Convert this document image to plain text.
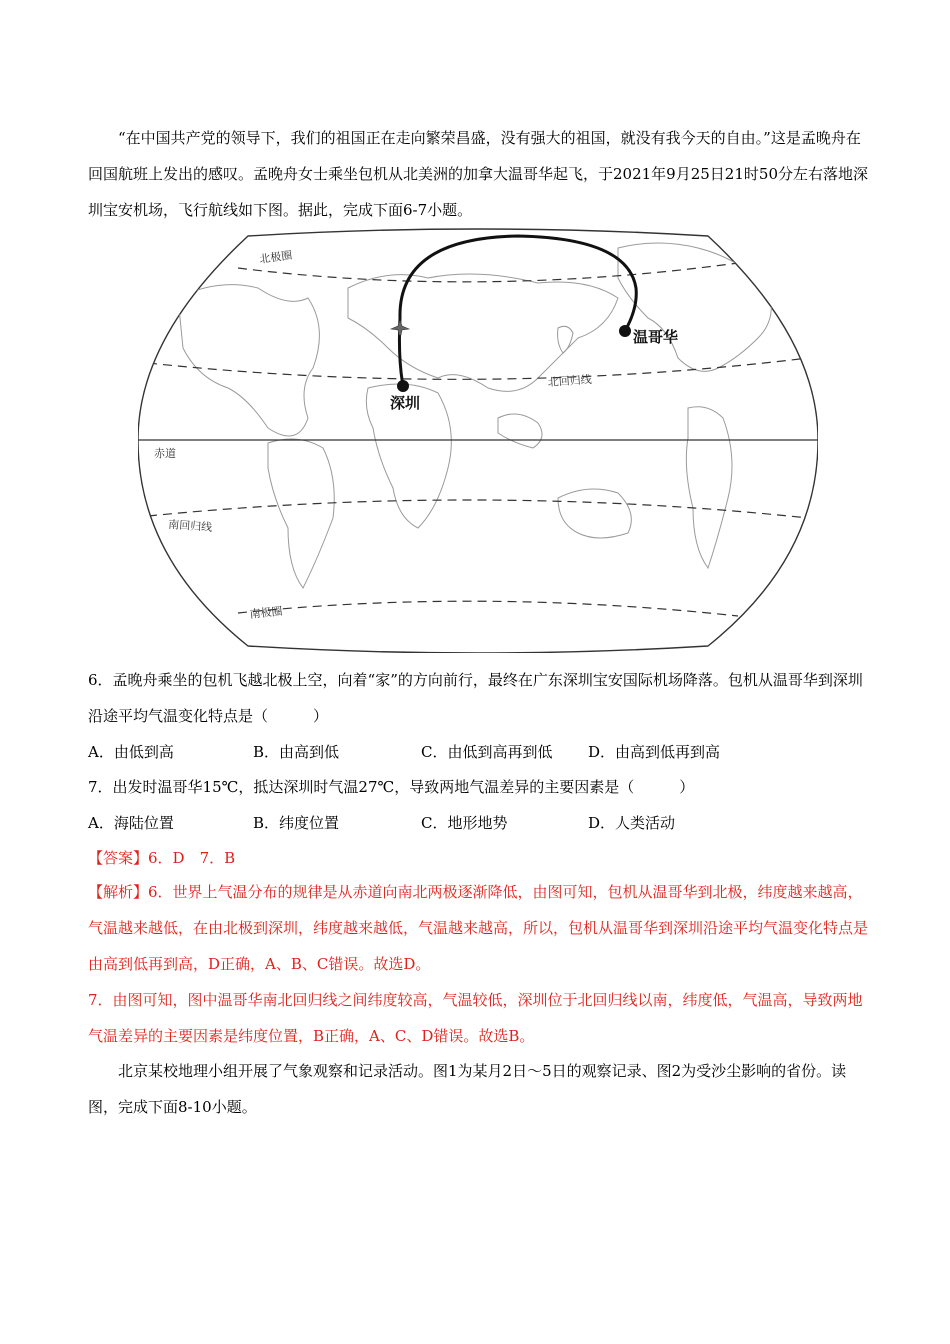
“在中国共产党的领导下，我们的祖国正在走向繁荣昌盛，没有强大的祖国，就没有我今天的自由。”这是孟晚舟在回国航班上发出的感叹。孟晚舟女士乘坐包机从北美洲的加拿大温哥华起飞，于2021年9月25日21时50分左右落地深圳宝安机场，飞行航线如下图。据此，完成下面6-7小题。

北极圈
北回归线
赤道
南回归线
南极圈
温哥华
深圳

6．孟晚舟乘坐的包机飞越北极上空，向着“家”的方向前行，最终在广东深圳宝安国际机场降落。包机从温哥华到深圳沿途平均气温变化特点是（　　　）

A．由低到高	B．由高到低	C．由低到高再到低 D．由高到低再到高

7．出发时温哥华15℃，抵达深圳时气温27℃，导致两地气温差异的主要因素是（　　　）

A．海陆位置	B．纬度位置	C．地形地势	D．人类活动

【答案】6．D　7．B

【解析】6．世界上气温分布的规律是从赤道向南北两极逐渐降低，由图可知，包机从温哥华到北极，纬度越来越高，气温越来越低，在由北极到深圳，纬度越来越低，气温越来越高，所以，包机从温哥华到深圳沿途平均气温变化特点是由高到低再到高，D正确，A、B、C错误。故选D。

7．由图可知，图中温哥华南北回归线之间纬度较高，气温较低，深圳位于北回归线以南，纬度低，气温高，导致两地气温差异的主要因素是纬度位置，B正确，A、C、D错误。故选B。

北京某校地理小组开展了气象观察和记录活动。图1为某月2日～5日的观察记录、图2为受沙尘影响的省份。读图，完成下面8-10小题。
